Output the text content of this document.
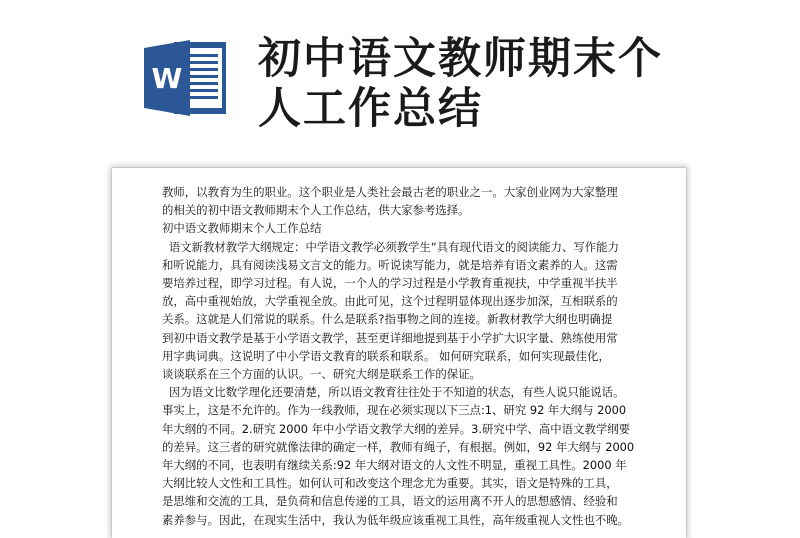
W 初中语文教师期末个
人工作总结

教师，以教育为生的职业。这个职业是人类社会最古老的职业之一。大家创业网为大家整理

的相关的初中语文教师期末个人工作总结，供大家参考选择。

初中语文教师期末个人工作总结

语文新教材教学大纲规定：中学语文教学必须教学生“具有现代语文的阅读能力、写作能力

和听说能力，具有阅读浅易文言文的能力。听说读写能力，就是培养有语文素养的人。这需

要培养过程，即学习过程。有人说，一个人的学习过程是小学教育重视扶，中学重视半扶半

放，高中重视始放，大学重视全放。由此可见，这个过程明显体现出逐步加深，互相联系的

关系。这就是人们常说的联系。什么是联系?指事物之间的连接。新教材教学大纲也明确提

到初中语文教学是基于小学语文教学，甚至更详细地提到基于小学扩大识字量、熟练使用常

用字典词典。这说明了中小学语文教育的联系和联系。 如何研究联系，如何实现最佳化，

谈谈联系在三个方面的认识。一、研究大纲是联系工作的保证。

因为语文比数学理化还要清楚，所以语文教育往往处于不知道的状态，有些人说只能说话。

事实上，这是不允许的。作为一线教师，现在必须实现以下三点:1、研究 92 年大纲与 2000

年大纲的不同。2.研究 2000 年中小学语文教学大纲的差异。3.研究中学、高中语文教学纲要

的差异。这三者的研究就像法律的确定一样，教师有绳子，有根据。例如，92 年大纲与 2000

年大纲的不同，也表明有继续关系:92 年大纲对语文的人文性不明显，重视工具性。2000 年

大纲比较人文性和工具性。如何认可和改变这个理念尤为重要。其实，语文是特殊的工具，

是思维和交流的工具，是负荷和信息传递的工具，语文的运用离不开人的思想感情、经验和

素养参与。因此，在现实生活中，我认为低年级应该重视工具性，高年级重视人文性也不晚。
